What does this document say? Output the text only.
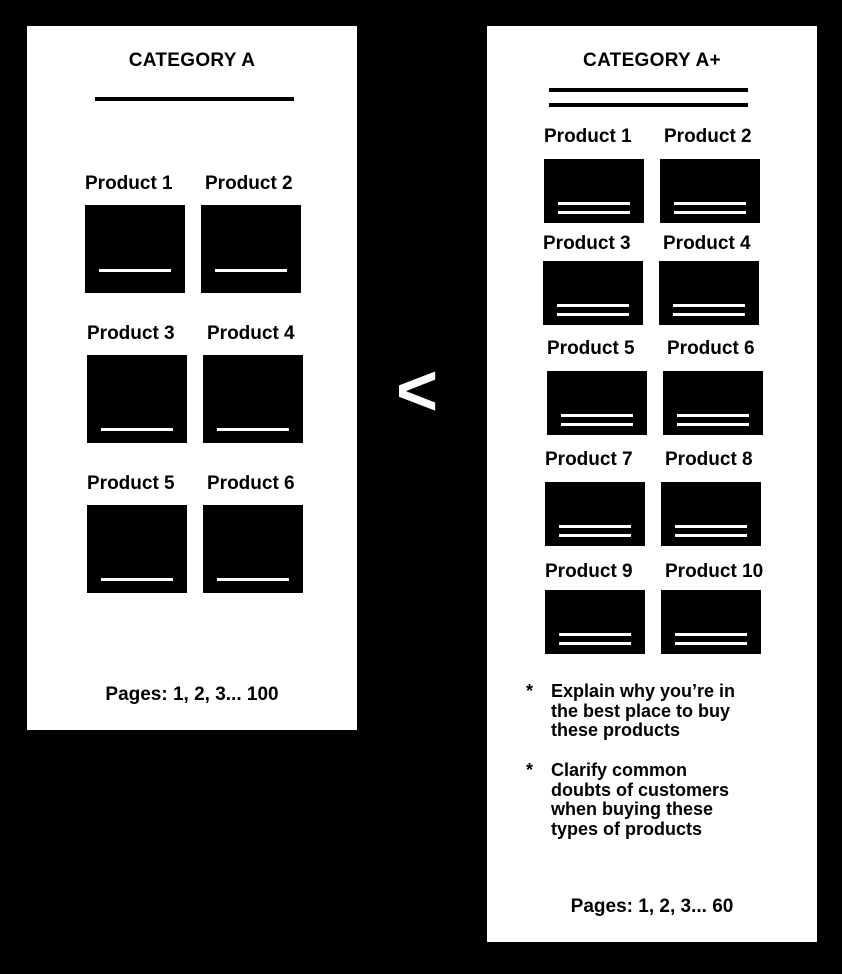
CATEGORY A
Product 1 Product 2
Product 3 Product 4
Product 5 Product 6
Pages: 1, 2, 3... 100
<
CATEGORY A+
Product 1 Product 2
Product 3 Product 4
Product 5 Product 6
Product 7 Product 8
Product 9 Product 10
* Explain why you’re in the best place to buy these products
* Clarify common doubts of customers when buying these types of products
Pages: 1, 2, 3... 60
